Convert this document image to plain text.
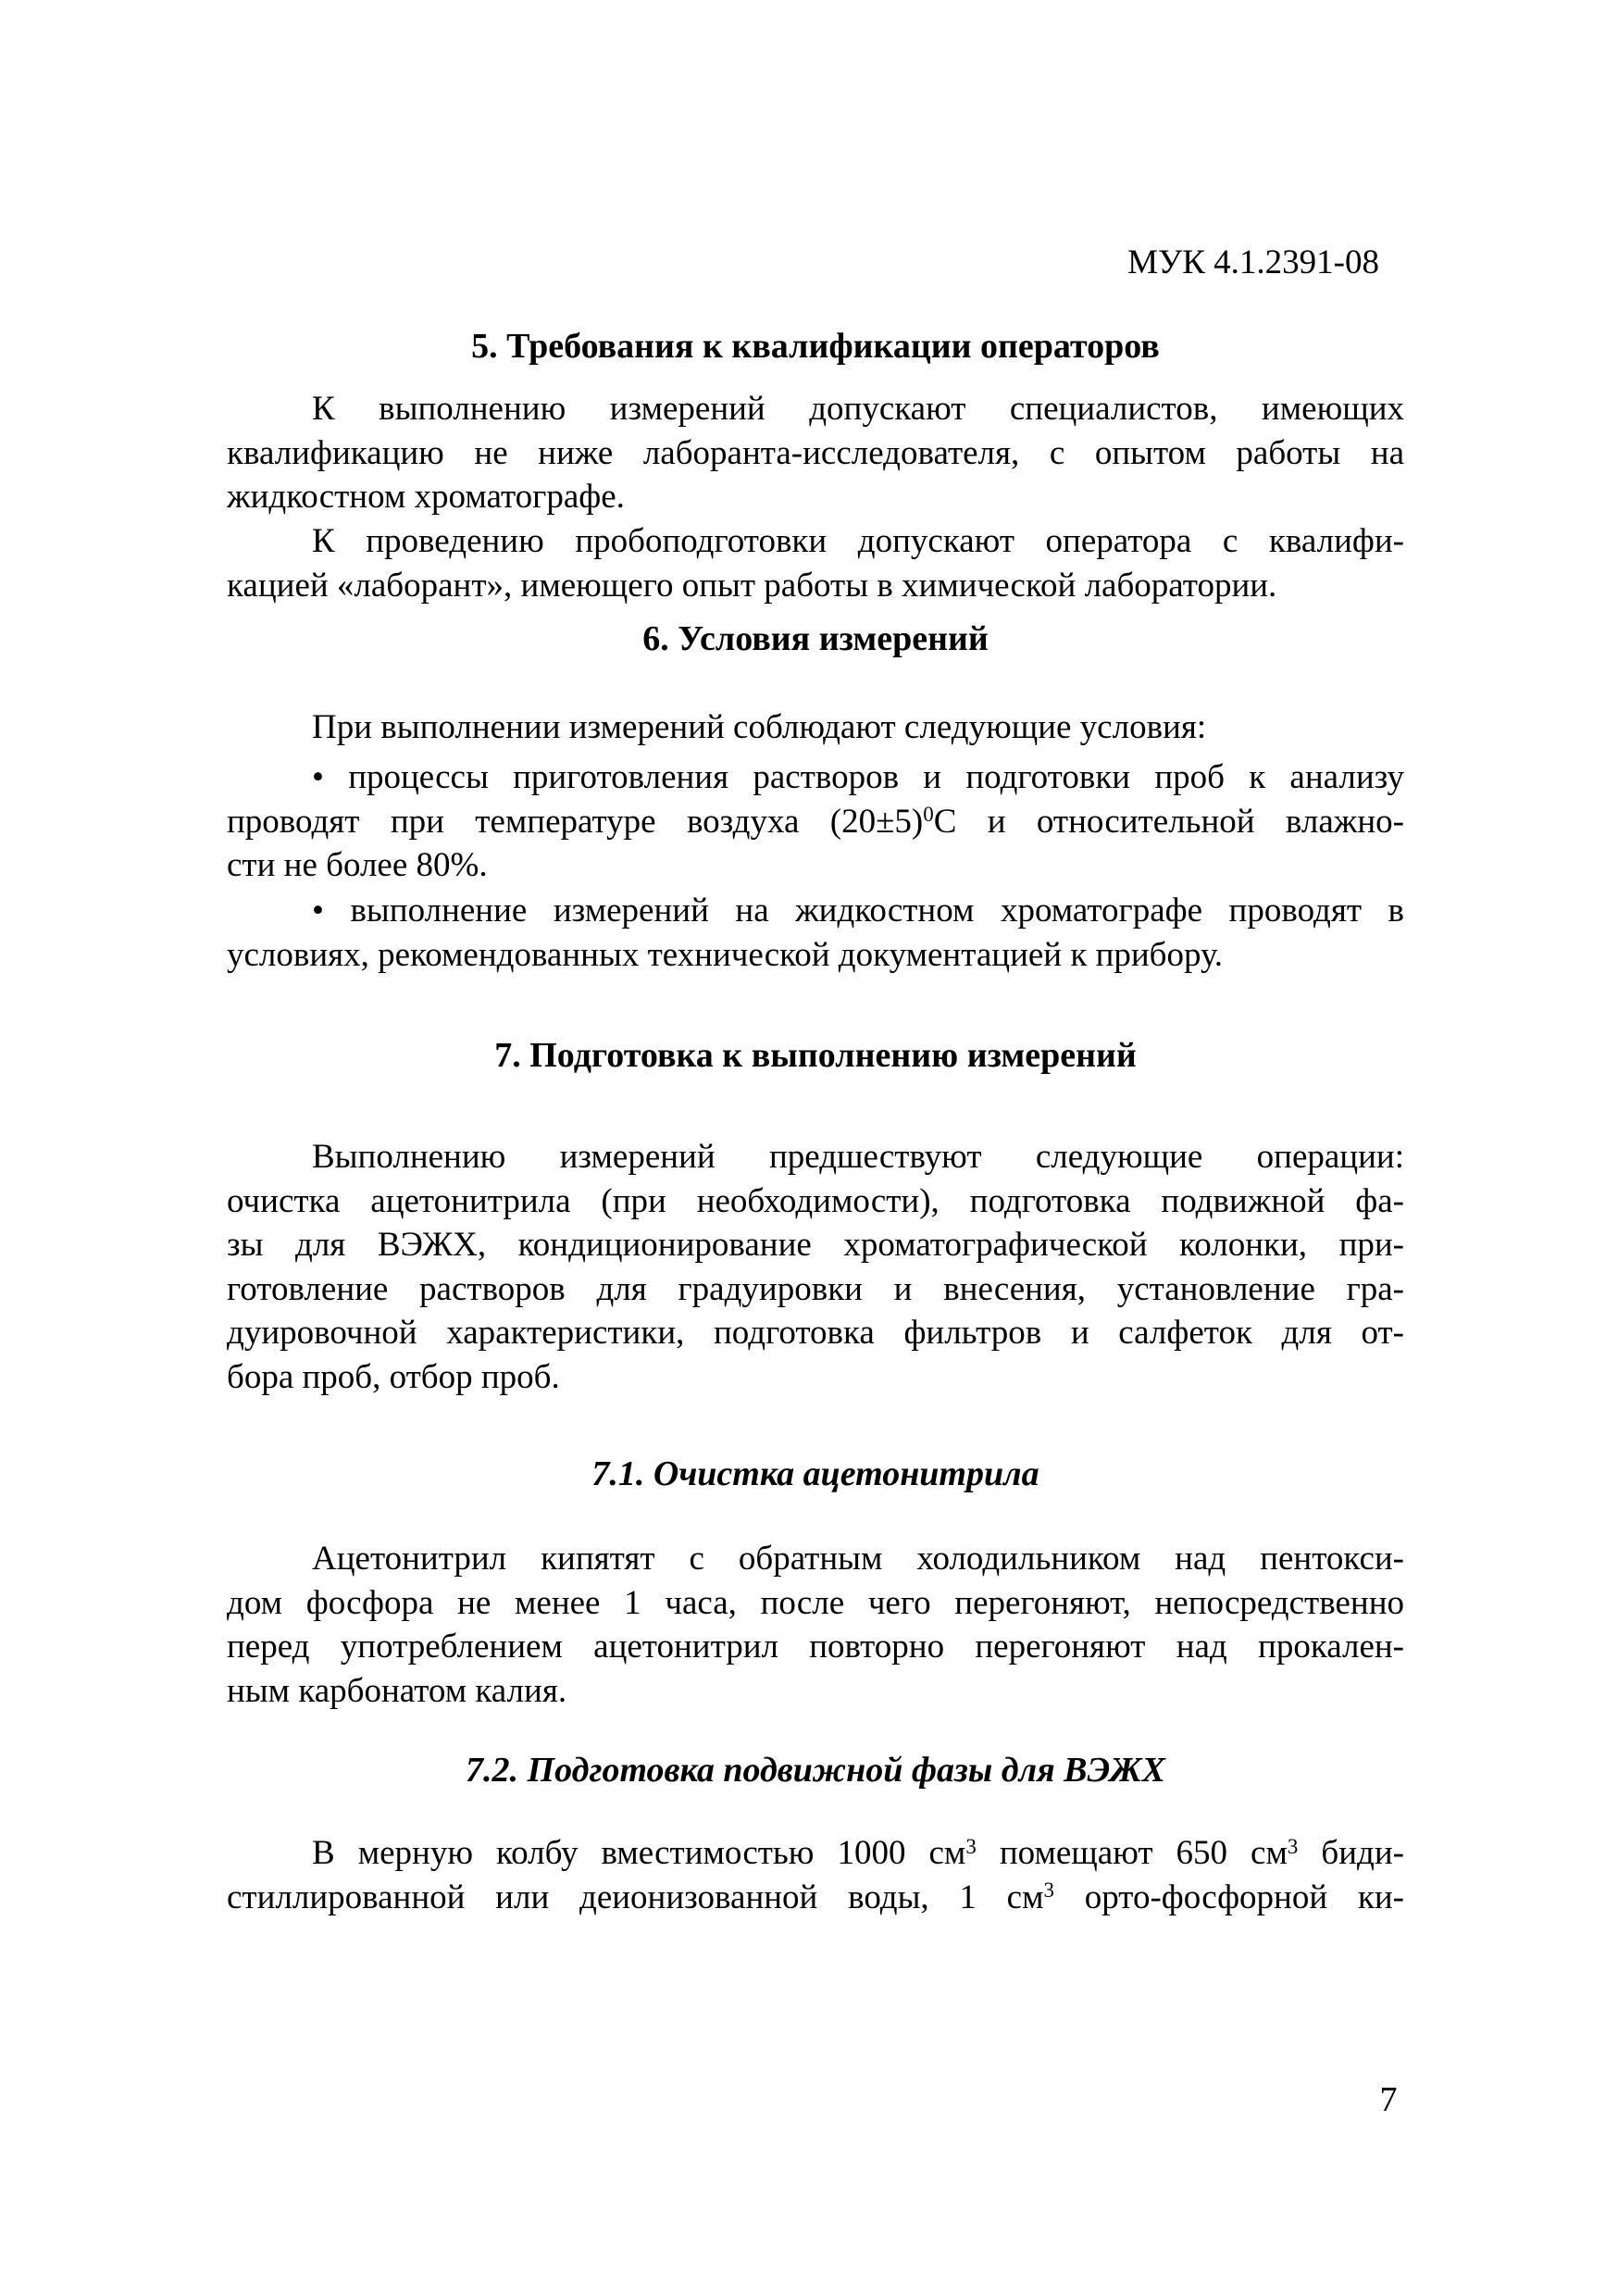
МУК 4.1.2391-08
5. Требования к квалификации операторов
К выполнению измерений допускают специалистов, имеющих
квалификацию не ниже лаборанта-исследователя, с опытом работы на
жидкостном хроматографе.
К проведению пробоподготовки допускают оператора с квалифи-
кацией «лаборант», имеющего опыт работы в химической лаборатории.
6. Условия измерений
При выполнении измерений соблюдают следующие условия:
• процессы приготовления растворов и подготовки проб к анализу
проводят при температуре воздуха $(20\pm 5)^0С$ и относительной влажно-
сти не более 80%.
• выполнение измерений на жидкостном хроматографе проводят в
условиях, рекомендованных технической документацией к прибору.
7. Подготовка к выполнению измерений
Выполнению измерений предшествуют следующие операции:
очистка ацетонитрила (при необходимости), подготовка подвижной фа-
зы для ВЭЖХ, кондиционирование хроматографической колонки, при-
готовление растворов для градуировки и внесения, установление гра-
дуировочной характеристики, подготовка фильтров и салфеток для от-
бора проб, отбор проб.
7.1. Очистка ацетонитрила
Ацетонитрил кипятят с обратным холодильником над пентокси-
дом фосфора не менее 1 часа, после чего перегоняют, непосредственно
перед употреблением ацетонитрил повторно перегоняют над прокален-
ным карбонатом калия.
7.2. Подготовка подвижной фазы для ВЭЖХ
В мерную колбу вместимостью 1000 $см^3$ помещают 650 $см^3$ биди-
стиллированной или деионизованной воды, 1 $см^3$ орто-фосфорной ки-
7
